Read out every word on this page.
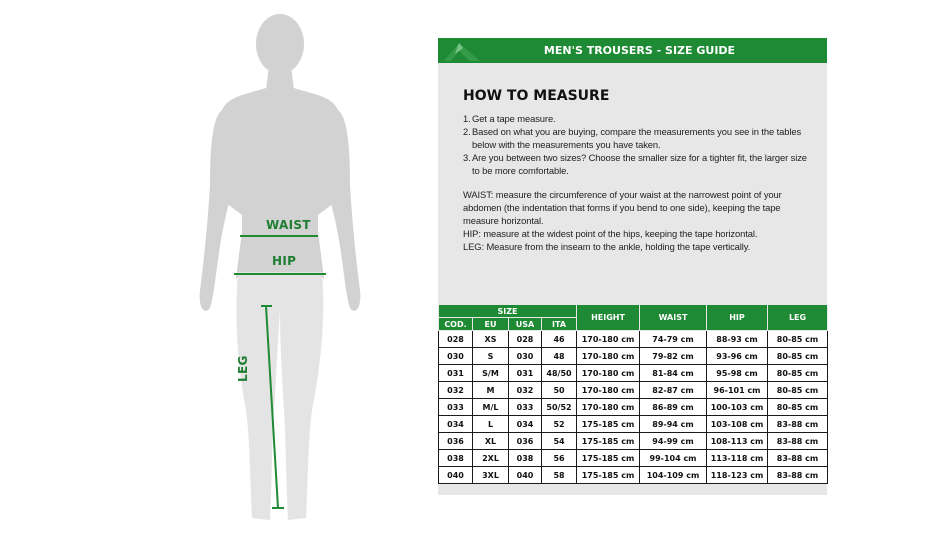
WAIST
HIP
LEG
MEN'S TROUSERS - SIZE GUIDE
HOW TO MEASURE
1. Get a tape measure.
2. Based on what you are buying, compare the measurements you see in the tables below with the measurements you have taken.
3. Are you between two sizes? Choose the smaller size for a tighter fit, the larger size to be more comfortable.

WAIST: measure the circumference of your waist at the narrowest point of your abdomen (the indentation that forms if you bend to one side), keeping the tape measure horizontal.

HIP: measure at the widest point of the hips, keeping the tape horizontal.

LEG: Measure from the inseam to the ankle, holding the tape vertically.

SIZE				HEIGHT	WAIST	HIP	LEG
COD.	EU	USA	ITA				
028	XS	028	46	170-180 cm	74-79 cm	88-93 cm	80-85 cm
030	S	030	48	170-180 cm	79-82 cm	93-96 cm	80-85 cm
031	S/M	031	48/50	170-180 cm	81-84 cm	95-98 cm	80-85 cm
032	M	032	50	170-180 cm	82-87 cm	96-101 cm	80-85 cm
033	M/L	033	50/52	170-180 cm	86-89 cm	100-103 cm	80-85 cm
034	L	034	52	175-185 cm	89-94 cm	103-108 cm	83-88 cm
036	XL	036	54	175-185 cm	94-99 cm	108-113 cm	83-88 cm
038	2XL	038	56	175-185 cm	99-104 cm	113-118 cm	83-88 cm
040	3XL	040	58	175-185 cm	104-109 cm	118-123 cm	83-88 cm
